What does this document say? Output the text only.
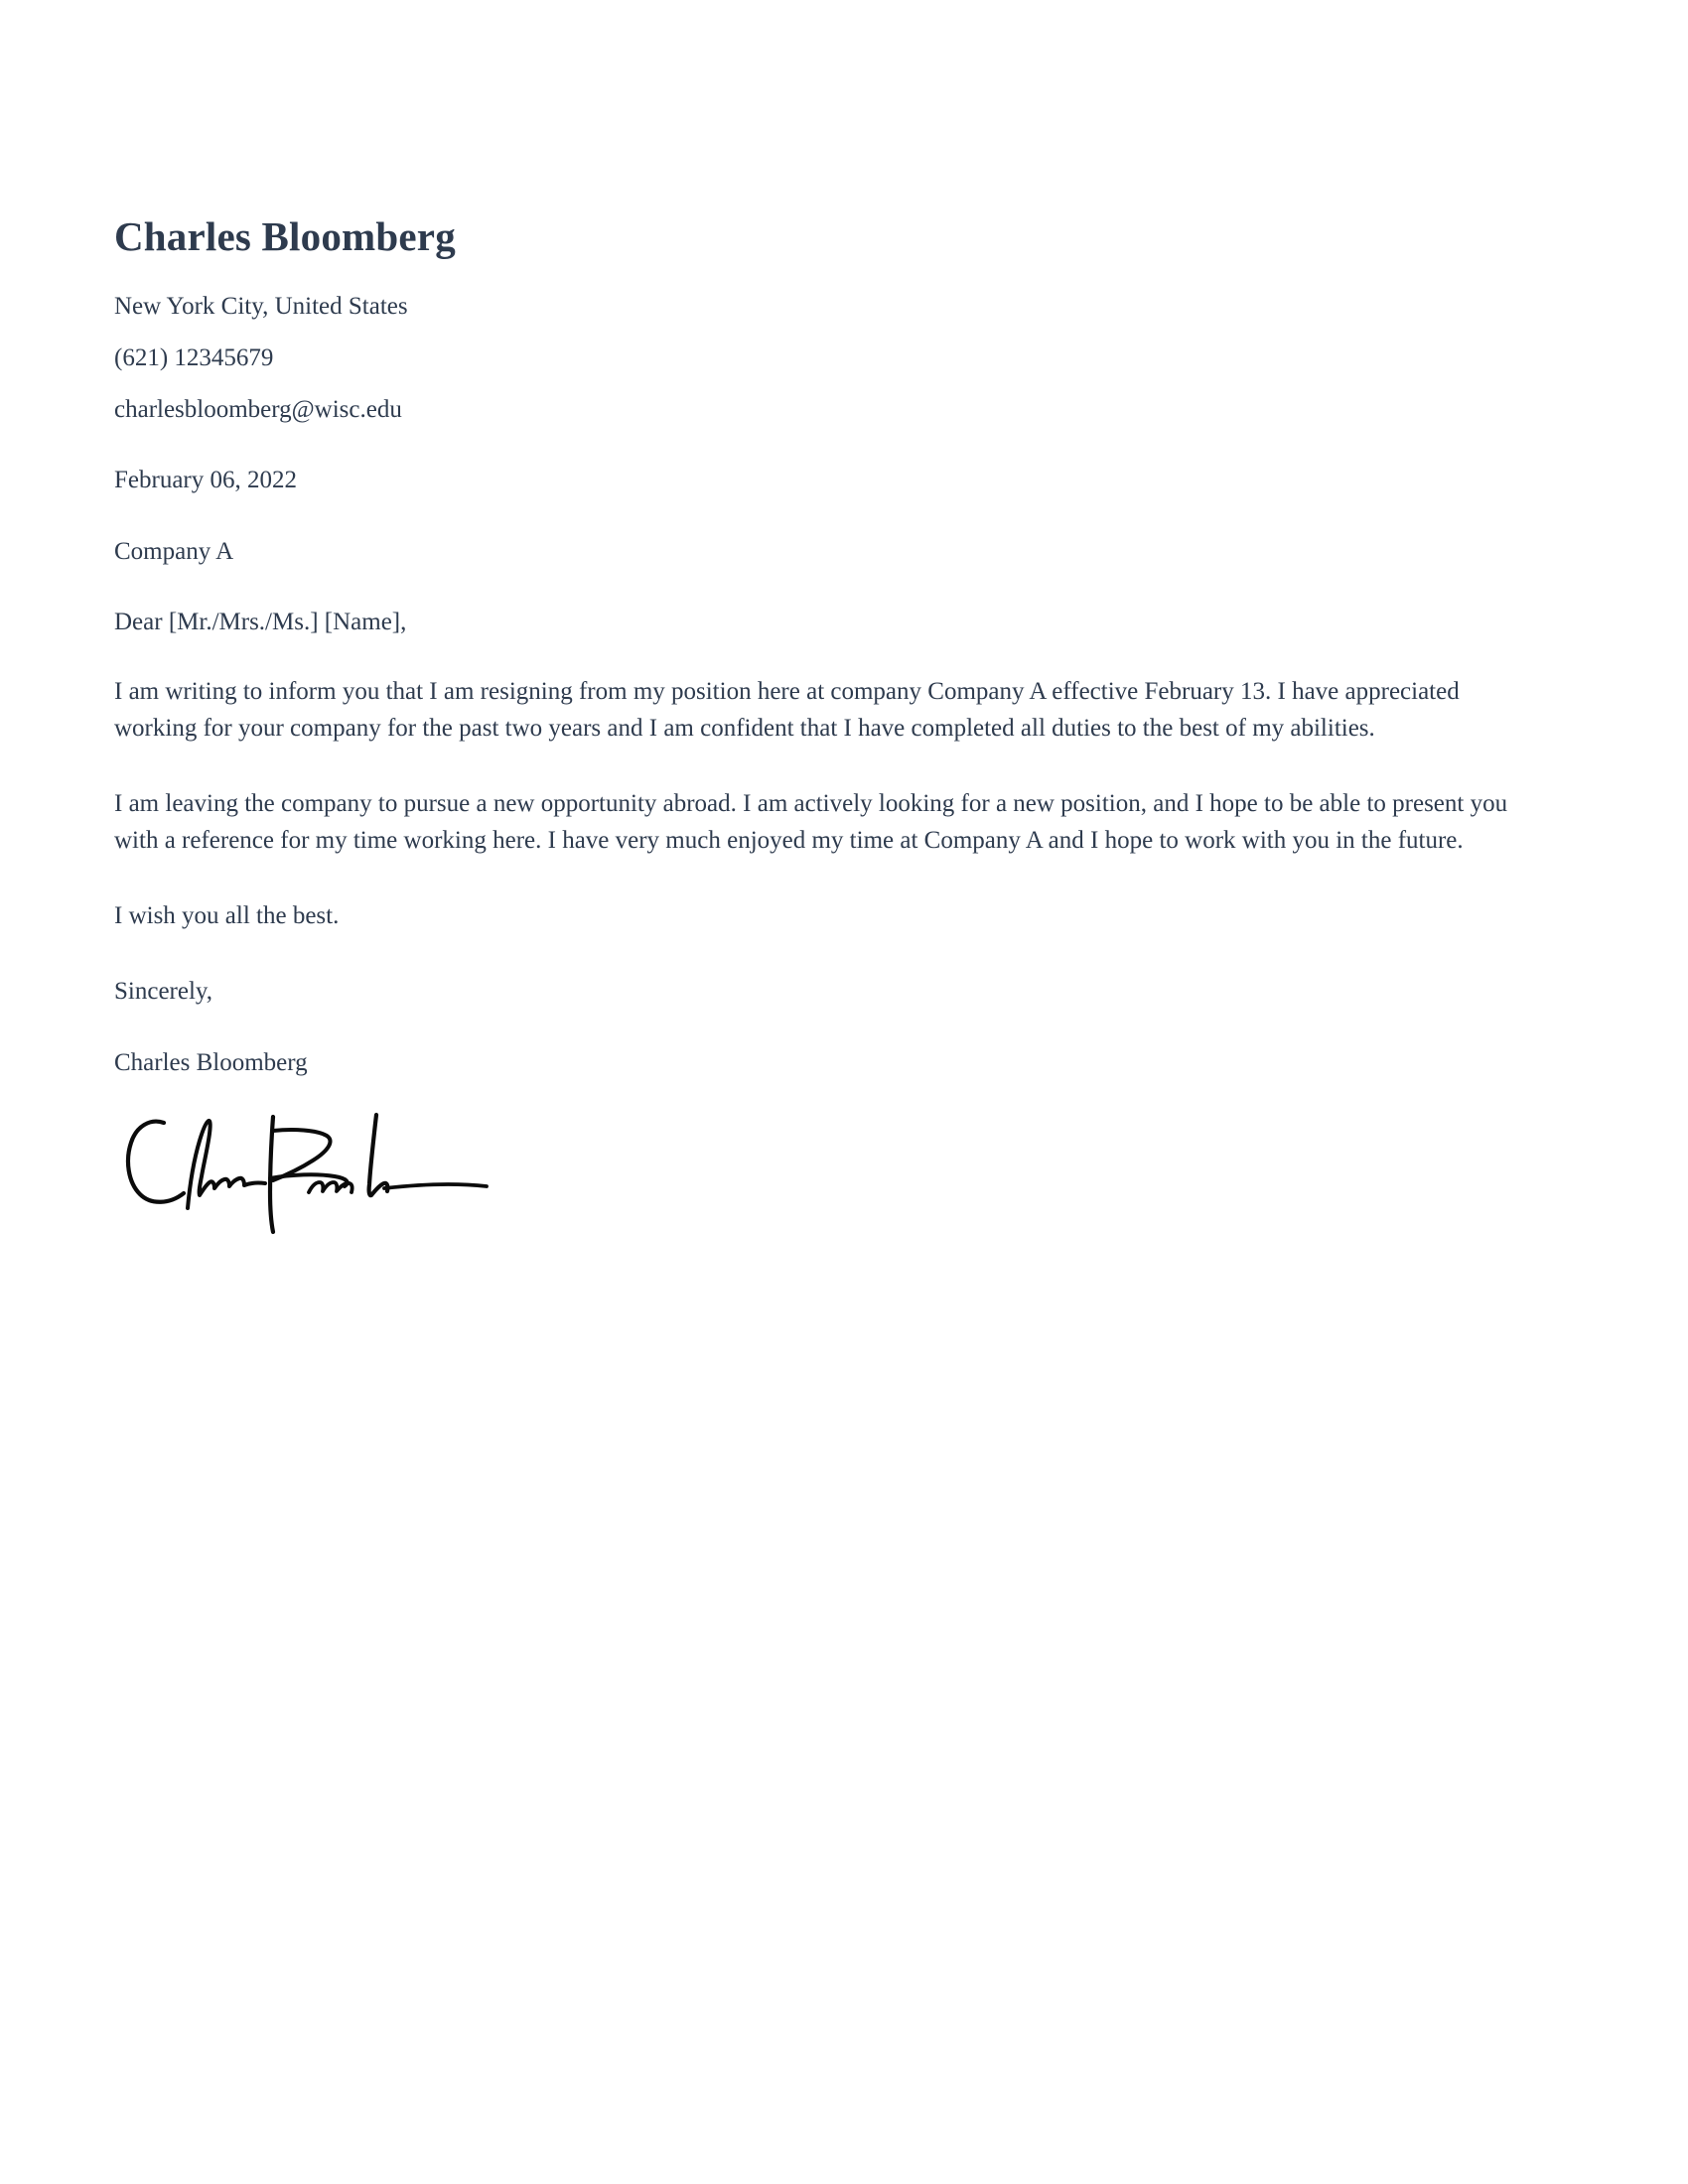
Charles Bloomberg
New York City, United States
(621) 12345679
charlesbloomberg@wisc.edu
February 06, 2022
Company A
Dear [Mr./Mrs./Ms.] [Name],

I am writing to inform you that I am resigning from my position here at company Company A effective February 13. I have appreciated working for your company for the past two years and I am confident that I have completed all duties to the best of my abilities.

I am leaving the company to pursue a new opportunity abroad. I am actively looking for a new position, and I hope to be able to present you with a reference for my time working here. I have very much enjoyed my time at Company A and I hope to work with you in the future.

I wish you all the best.

Sincerely,
Charles Bloomberg
